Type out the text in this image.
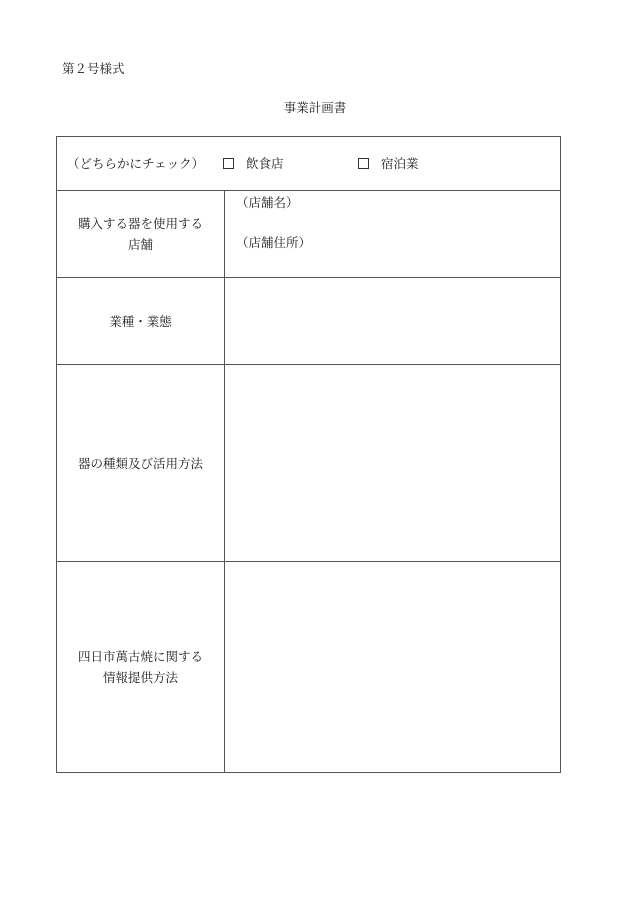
第２号様式
事業計画書
（どちらかにチェック）	飲食店	宿泊業
購入する器を使用する
店舗
（店舗名）
（店舗住所）
業種・業態
器の種類及び活用方法
四日市萬古焼に関する
情報提供方法
